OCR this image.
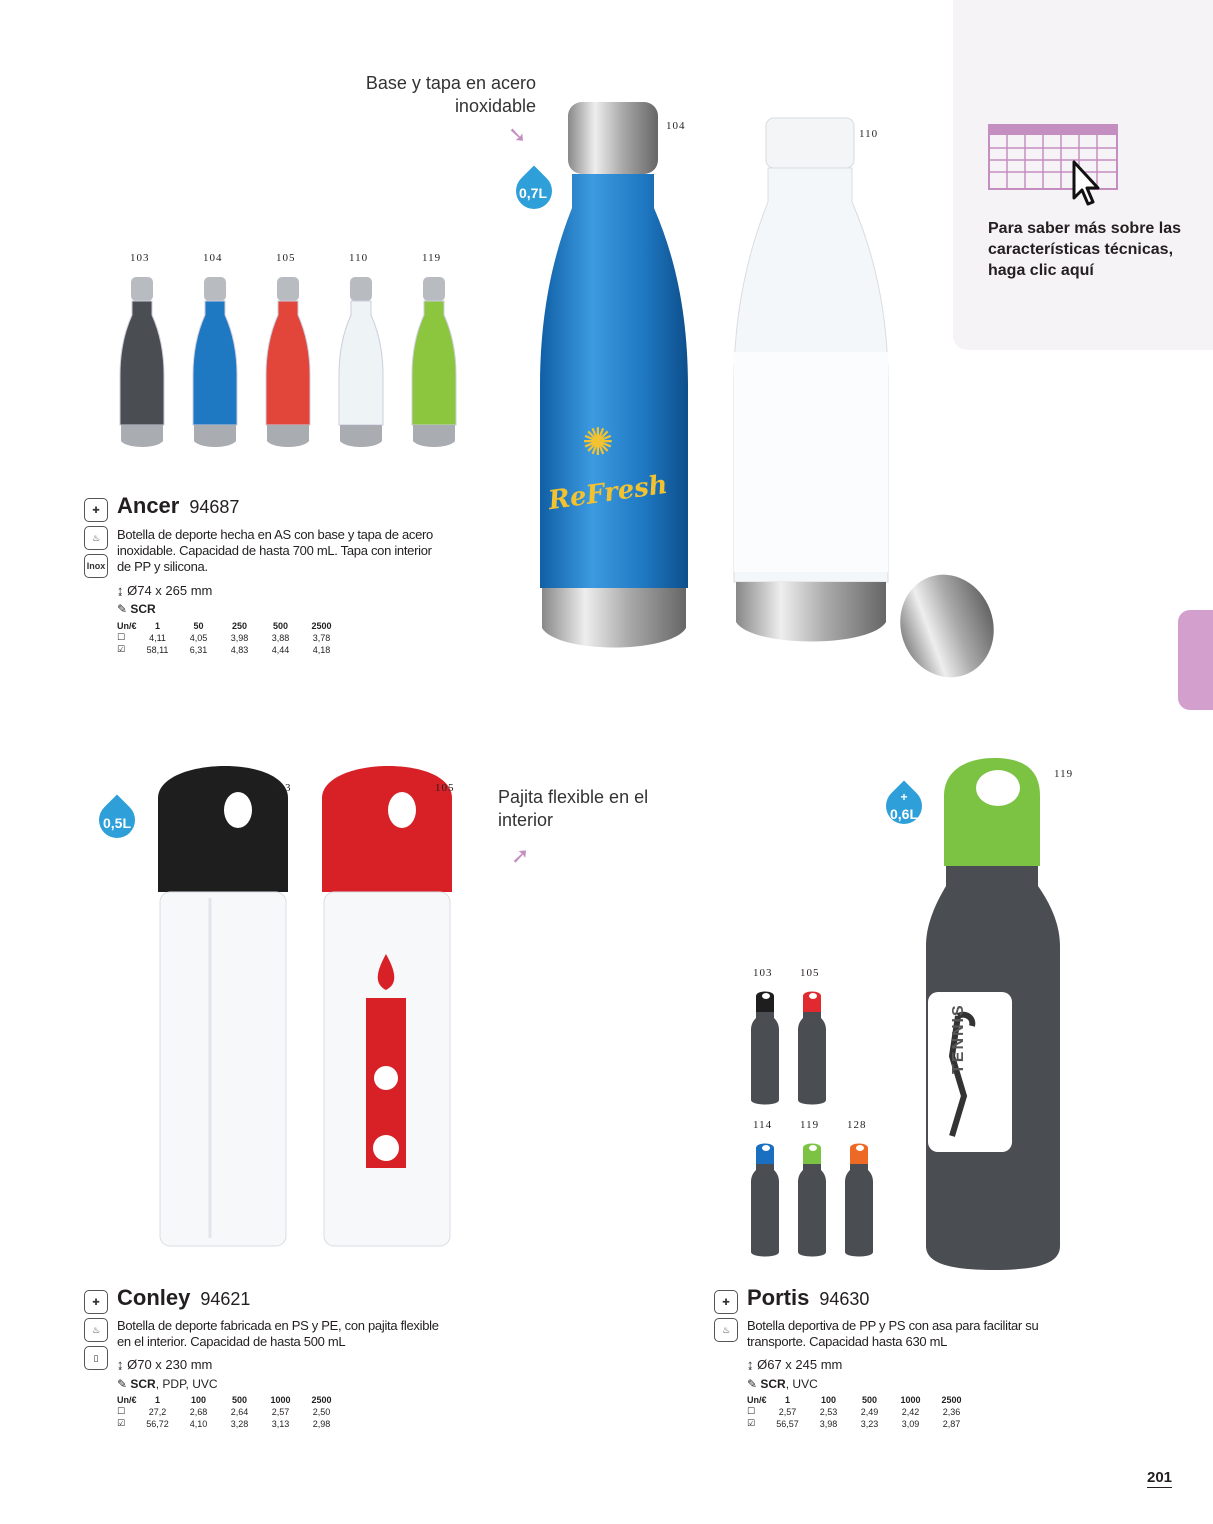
Para saber más sobre las características técnicas, haga clic aquí
Base y tapa en acero inoxidable
➘
0,7L
103	104	105	110	119
ReFresh
✺
104
110
✚
♨
Inox
Ancer 94687
Botella de deporte hecha en AS con base y tapa de acero inoxidable. Capacidad de hasta 700 mL. Tapa con interior de PP y silicona.
↨ Ø74 x 265 mm
✎ SCR
Un/€	1	50	250	500	2500
☐	4,11	4,05	3,98	3,88	3,78
☑	58,11	6,31	4,83	4,44	4,18
0,5L
103	105 Pajita flexible en el interior
➚
✚
♨
▯
Conley 94621
Botella de deporte fabricada en PS y PE, con pajita flexible en el interior. Capacidad de hasta 500 mL
↨ Ø70 x 230 mm
✎ SCR, PDP, UVC
Un/€	1	100	500	1000	2500
☐	27,2	2,68	2,64	2,57	2,50
☑	56,72	4,10	3,28	3,13	2,98
+
0,6L
TENNIS
119
103	105
114	119	128
✚
♨
Portis 94630
Botella deportiva de PP y PS con asa para facilitar su transporte. Capacidad hasta 630 mL
↨ Ø67 x 245 mm
✎ SCR, UVC
Un/€	1	100	500	1000	2500
☐	2,57	2,53	2,49	2,42	2,36
☑	56,57	3,98	3,23	3,09	2,87
201
